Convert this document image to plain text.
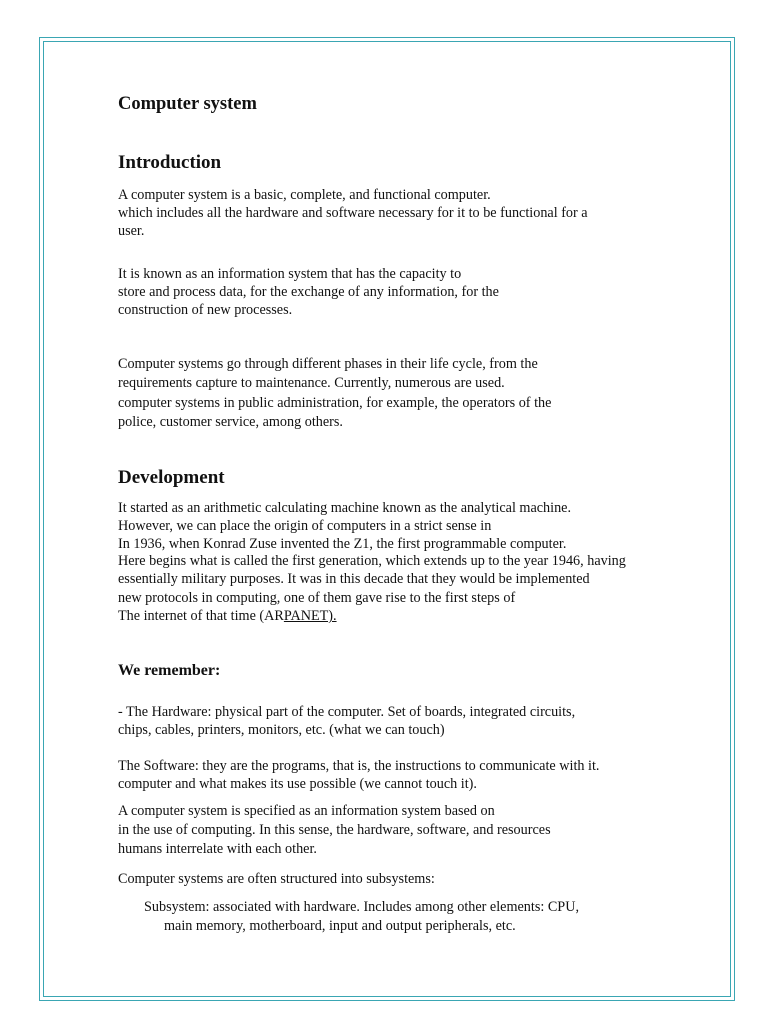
Computer system
Introduction
A computer system is a basic, complete, and functional computer.
which includes all the hardware and software necessary for it to be functional for a
user.
It is known as an information system that has the capacity to
store and process data, for the exchange of any information, for the
construction of new processes.
Computer systems go through different phases in their life cycle, from the
requirements capture to maintenance. Currently, numerous are used.
computer systems in public administration, for example, the operators of the
police, customer service, among others.
Development
It started as an arithmetic calculating machine known as the analytical machine.
However, we can place the origin of computers in a strict sense in
In 1936, when Konrad Zuse invented the Z1, the first programmable computer.
Here begins what is called the first generation, which extends up to the year 1946, having
essentially military purposes. It was in this decade that they would be implemented
new protocols in computing, one of them gave rise to the first steps of
The internet of that time (ARPANET).
We remember:
- The Hardware: physical part of the computer. Set of boards, integrated circuits,
chips, cables, printers, monitors, etc. (what we can touch)
The Software: they are the programs, that is, the instructions to communicate with it.
computer and what makes its use possible (we cannot touch it).
A computer system is specified as an information system based on
in the use of computing. In this sense, the hardware, software, and resources
humans interrelate with each other.
Computer systems are often structured into subsystems:
Subsystem: associated with hardware. Includes among other elements: CPU,
main memory, motherboard, input and output peripherals, etc.
